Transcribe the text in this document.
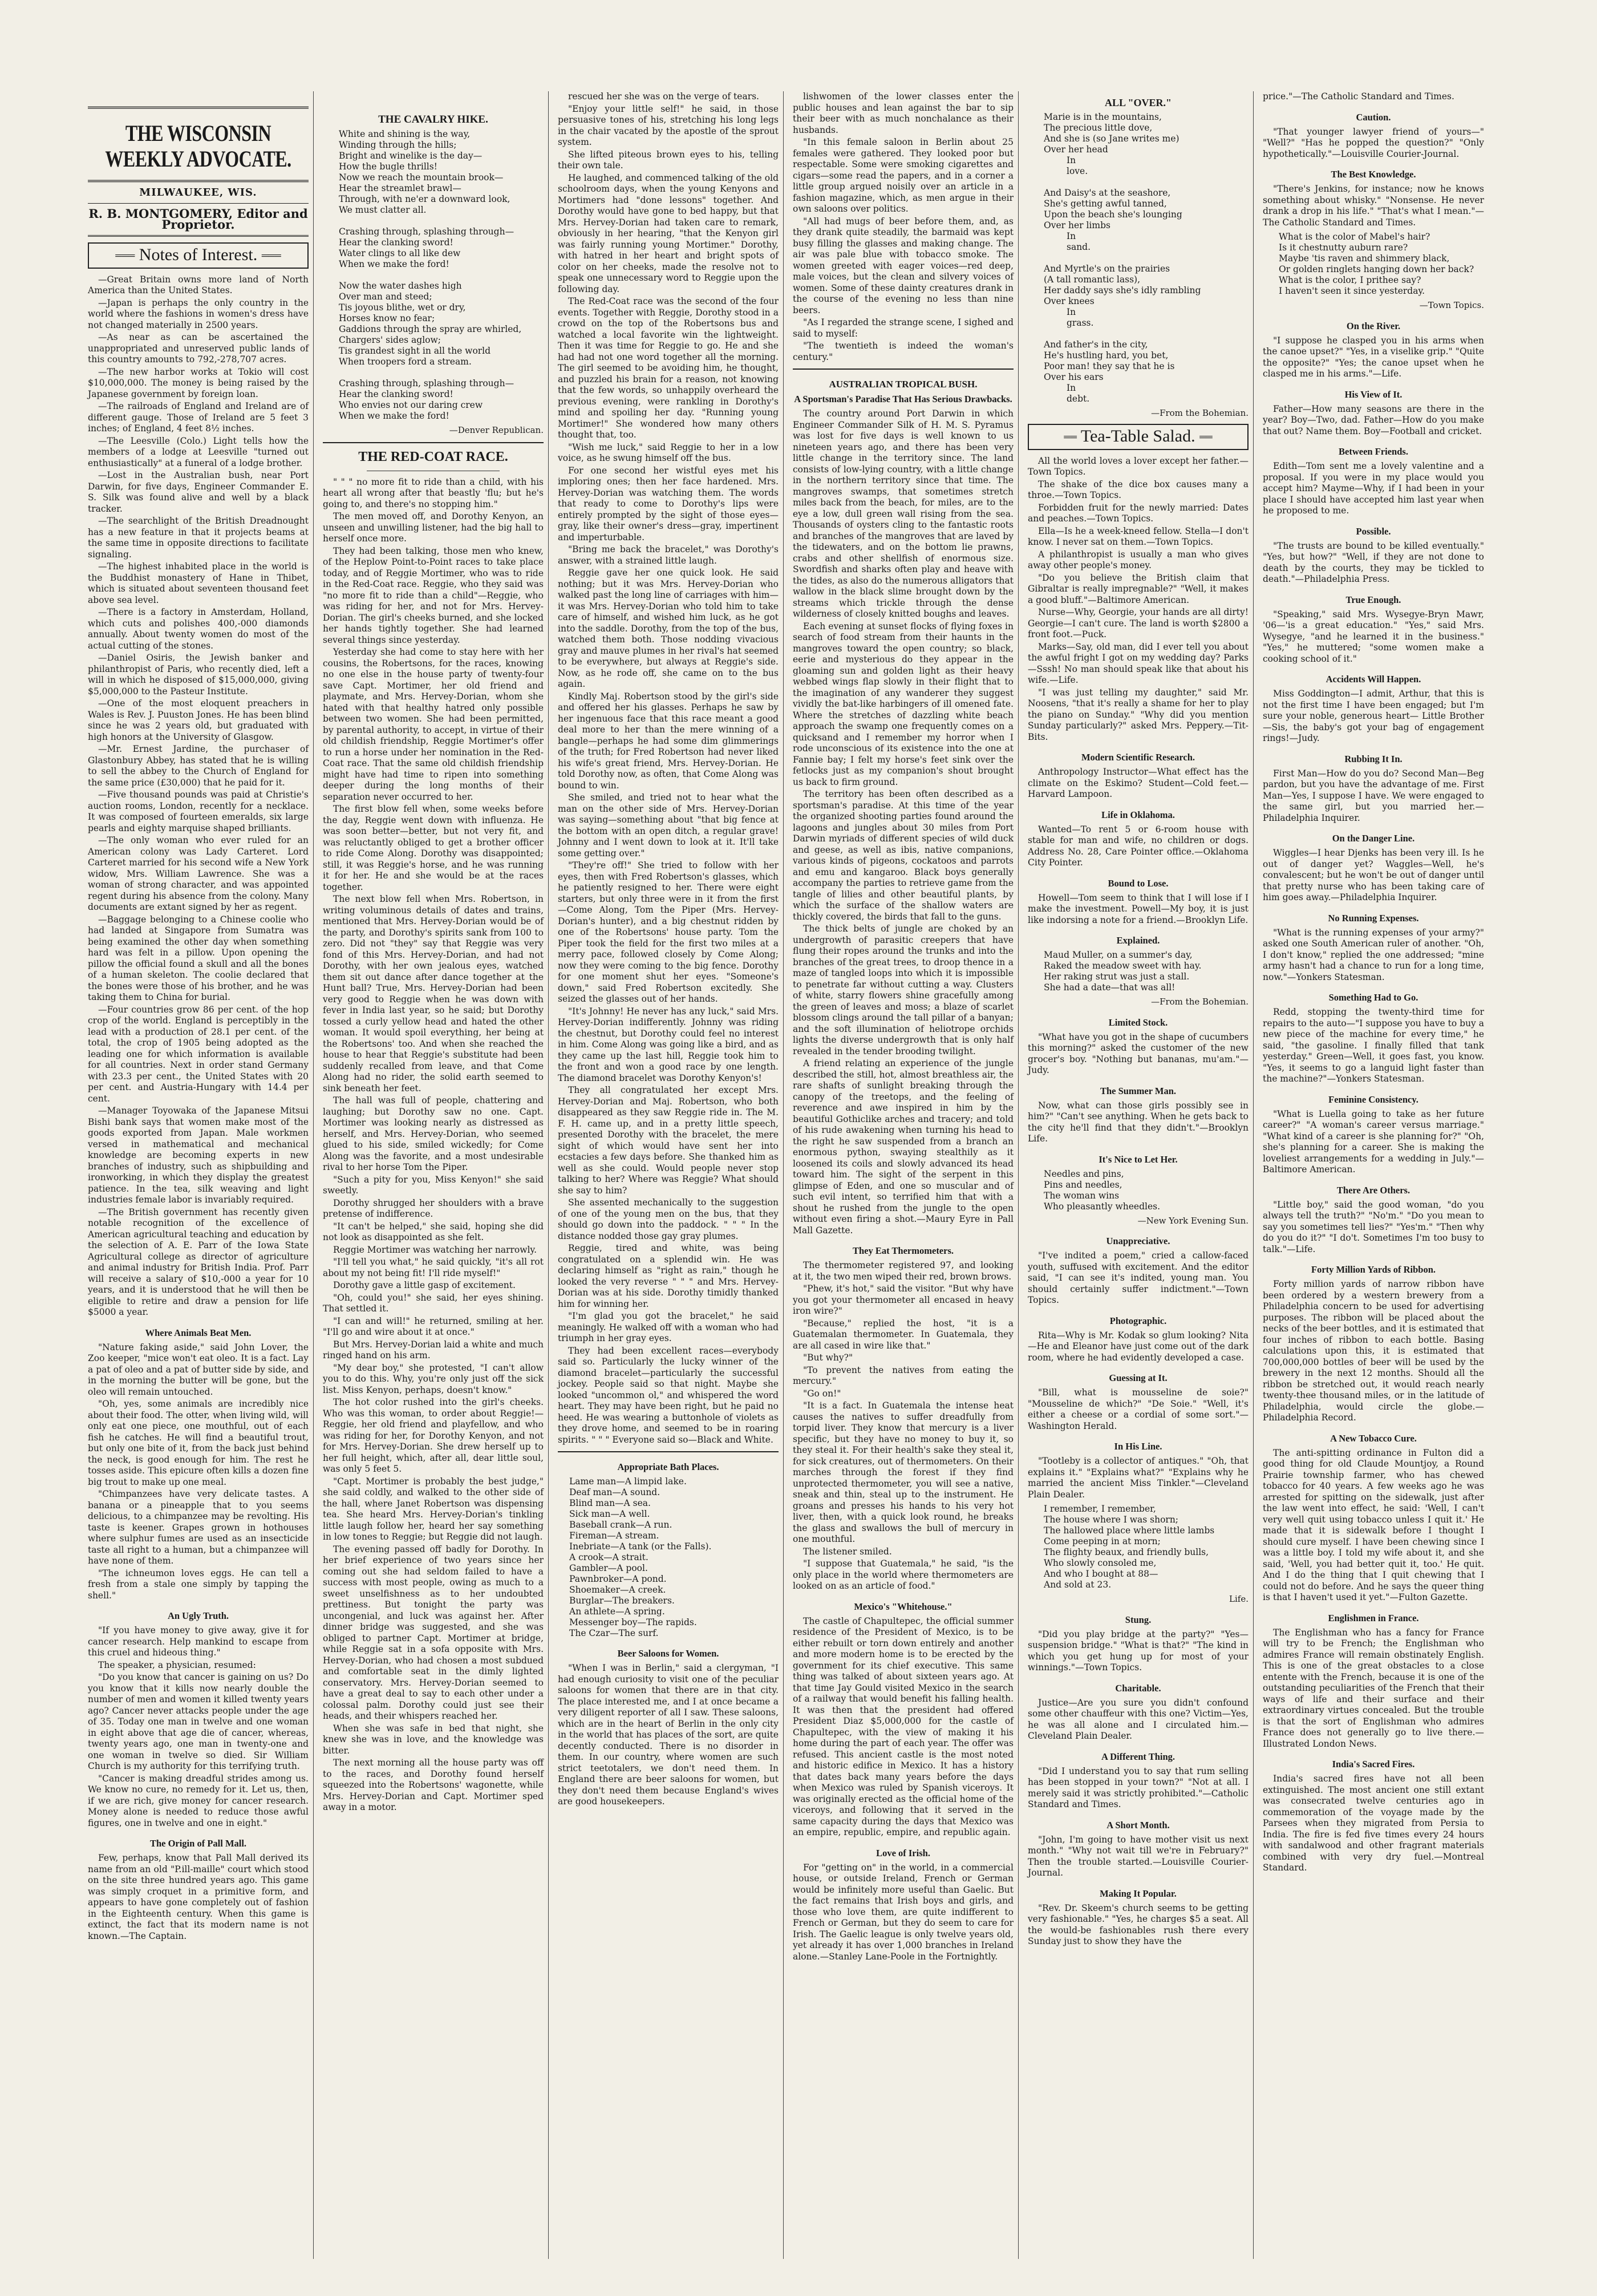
THE WISCONSIN WEEKLY ADVOCATE.
MILWAUKEE, WIS.
R. B. MONTGOMERY, Editor and Proprietor.
═══ Notes of Interest. ═══

—Great Britain owns more land of North America than the United States.

—Japan is perhaps the only country in the world where the fashions in women's dress have not changed materially in 2500 years.

—As near as can be ascertained the unappropriated and unreserved public lands of this country amounts to 792,-278,707 acres.

—The new harbor works at Tokio will cost $10,000,000. The money is being raised by the Japanese government by foreign loan.

—The railroads of England and Ireland are of different gauge. Those of Ireland are 5 feet 3 inches; of England, 4 feet 8½ inches.

—The Leesville (Colo.) Light tells how the members of a lodge at Leesville "turned out enthusiastically" at a funeral of a lodge brother.

—Lost in the Australian bush, near Port Darwin, for five days, Engineer Commander E. S. Silk was found alive and well by a black tracker.

—The searchlight of the British Dreadnought has a new feature in that it projects beams at the same time in opposite directions to facilitate signaling.

—The highest inhabited place in the world is the Buddhist monastery of Hane in Thibet, which is situated about seventeen thousand feet above sea level.

—There is a factory in Amsterdam, Holland, which cuts and polishes 400,-000 diamonds annually. About twenty women do most of the actual cutting of the stones.

—Daniel Osiris, the Jewish banker and philanthropist of Paris, who recently died, left a will in which he disposed of $15,000,000, giving $5,000,000 to the Pasteur Institute.

—One of the most eloquent preachers in Wales is Rev. J. Puuston Jones. He has been blind since he was 2 years old, but graduated with high honors at the University of Glasgow.

—Mr. Ernest Jardine, the purchaser of Glastonbury Abbey, has stated that he is willing to sell the abbey to the Church of England for the same price (£30,000) that he paid for it.

—Five thousand pounds was paid at Christie's auction rooms, London, recently for a necklace. It was composed of fourteen emeralds, six large pearls and eighty marquise shaped brilliants.

—The only woman who ever ruled for an American colony was Lady Carteret. Lord Carteret married for his second wife a New York widow, Mrs. William Lawrence. She was a woman of strong character, and was appointed regent during his absence from the colony. Many documents are extant signed by her as regent.

—Baggage belonging to a Chinese coolie who had landed at Singapore from Sumatra was being examined the other day when something hard was felt in a pillow. Upon opening the pillow the official found a skull and all the bones of a human skeleton. The coolie declared that the bones were those of his brother, and he was taking them to China for burial.

—Four countries grow 86 per cent. of the hop crop of the world. England is perceptibly in the lead with a production of 28.1 per cent. of the total, the crop of 1905 being adopted as the leading one for which information is available for all countries. Next in order stand Germany with 23.3 per cent., the United States with 20 per cent. and Austria-Hungary with 14.4 per cent.

—Manager Toyowaka of the Japanese Mitsui Bishi bank says that women make most of the goods exported from Japan. Male workmen versed in mathematical and mechanical knowledge are becoming experts in new branches of industry, such as shipbuilding and ironworking, in which they display the greatest patience. In the tea, silk weaving and light industries female labor is invariably required.

—The British government has recently given notable recognition of the excellence of American agricultural teaching and education by the selection of A. E. Parr of the Iowa State Agricultural college as director of agriculture and animal industry for British India. Prof. Parr will receive a salary of $10,-000 a year for 10 years, and it is understood that he will then be eligible to retire and draw a pension for life $5000 a year.

Where Animals Beat Men.

"Nature faking aside," said John Lover, the Zoo keeper, "mice won't eat oleo. It is a fact. Lay a pat of oleo and a pat of butter side by side, and in the morning the butter will be gone, but the oleo will remain untouched.

"Oh, yes, some animals are incredibly nice about their food. The otter, when living wild, will only eat one piece, one mouthful, out of each fish he catches. He will find a beautiful trout, but only one bite of it, from the back just behind the neck, is good enough for him. The rest he tosses aside. This epicure often kills a dozen fine big trout to make up one meal.

"Chimpanzees have very delicate tastes. A banana or a pineapple that to you seems delicious, to a chimpanzee may be revolting. His taste is keener. Grapes grown in hothouses where sulphur fumes are used as an insecticide taste all right to a human, but a chimpanzee will have none of them.

"The ichneumon loves eggs. He can tell a fresh from a stale one simply by tapping the shell."

An Ugly Truth.

"If you have money to give away, give it for cancer research. Help mankind to escape from this cruel and hideous thing."

The speaker, a physician, resumed:

"Do you know that cancer is gaining on us? Do you know that it kills now nearly double the number of men and women it killed twenty years ago? Cancer never attacks people under the age of 35. Today one man in twelve and one woman in eight above that age die of cancer, whereas, twenty years ago, one man in twenty-one and one woman in twelve so died. Sir William Church is my authority for this terrifying truth.

"Cancer is making dreadful strides among us. We know no cure, no remedy for it. Let us, then, if we are rich, give money for cancer research. Money alone is needed to reduce those awful figures, one in twelve and one in eight."

The Origin of Pall Mall.

Few, perhaps, know that Pall Mall derived its name from an old "P.ill-maille" court which stood on the site three hundred years ago. This game was simply croquet in a primitive form, and appears to have gone completely out of fashion in the Eighteenth century. When this game is extinct, the fact that its modern name is not known.—The Captain.

THE CAVALRY HIKE.
White and shining is the way,
Winding through the hills;
Bright and winelike is the day—
How the bugle thrills!
Now we reach the mountain brook—
Hear the streamlet brawl—
Through, with ne'er a downward look,
We must clatter all.

Crashing through, splashing through—
Hear the clanking sword!
Water clings to all like dew
When we make the ford!

Now the water dashes high
Over man and steed;
Tis joyous blithe, wet or dry,
Horses know no fear;
Gaddions through the spray are whirled,
Chargers' sides aglow;
Tis grandest sight in all the world
When troopers ford a stream.

Crashing through, splashing through—
Hear the clanking sword!
Who envies not our daring crew
When we make the ford!
—Denver Republican.
THE RED-COAT RACE.

" " " no more fit to ride than a child, with his heart all wrong after that beastly 'flu; but he's going to, and there's no stopping him."

The men moved off, and Dorothy Kenyon, an unseen and unwilling listener, had the big hall to herself once more.

They had been talking, those men who knew, of the Heplow Point-to-Point races to take place today, and of Reggie Mortimer, who was to ride in the Red-Coat race. Reggie, who they said was "no more fit to ride than a child"—Reggie, who was riding for her, and not for Mrs. Hervey-Dorian. The girl's cheeks burned, and she locked her hands tightly together. She had learned several things since yesterday.

Yesterday she had come to stay here with her cousins, the Robertsons, for the races, knowing no one else in the house party of twenty-four save Capt. Mortimer, her old friend and playmate, and Mrs. Hervey-Dorian, whom she hated with that healthy hatred only possible between two women. She had been permitted, by parental authority, to accept, in virtue of their old childish friendship, Reggie Mortimer's offer to run a horse under her nomination in the Red-Coat race. That the same old childish friendship might have had time to ripen into something deeper during the long months of their separation never occurred to her.

The first blow fell when, some weeks before the day, Reggie went down with influenza. He was soon better—better, but not very fit, and was reluctantly obliged to get a brother officer to ride Come Along. Dorothy was disappointed; still, it was Reggie's horse, and he was running it for her. He and she would be at the races together.

The next blow fell when Mrs. Robertson, in writing voluminous details of dates and trains, mentioned that Mrs. Hervey-Dorian would be of the party, and Dorothy's spirits sank from 100 to zero. Did not "they" say that Reggie was very fond of this Mrs. Hervey-Dorian, and had not Dorothy, with her own jealous eyes, watched them sit out dance after dance together at the Hunt ball? True, Mrs. Hervey-Dorian had been very good to Reggie when he was down with fever in India last year, so he said; but Dorothy tossed a curly yellow head and hated the other woman. It would spoil everything, her being at the Robertsons' too. And when she reached the house to hear that Reggie's substitute had been suddenly recalled from leave, and that Come Along had no rider, the solid earth seemed to sink beneath her feet.

The hall was full of people, chattering and laughing; but Dorothy saw no one. Capt. Mortimer was looking nearly as distressed as herself, and Mrs. Hervey-Dorian, who seemed glued to his side, smiled wickedly; for Come Along was the favorite, and a most undesirable rival to her horse Tom the Piper.

"Such a pity for you, Miss Kenyon!" she said sweetly.

Dorothy shrugged her shoulders with a brave pretense of indifference.

"It can't be helped," she said, hoping she did not look as disappointed as she felt.

Reggie Mortimer was watching her narrowly.

"I'll tell you what," he said quickly, "it's all rot about my not being fit! I'll ride myself!"

Dorothy gave a little gasp of excitement.

"Oh, could you!" she said, her eyes shining. That settled it.

"I can and will!" he returned, smiling at her. "I'll go and wire about it at once."

But Mrs. Hervey-Dorian laid a white and much ringed hand on his arm.

"My dear boy," she protested, "I can't allow you to do this. Why, you're only just off the sick list. Miss Kenyon, perhaps, doesn't know."

The hot color rushed into the girl's cheeks. Who was this woman, to order about Reggie!—Reggie, her old friend and playfellow, and who was riding for her, for Dorothy Kenyon, and not for Mrs. Hervey-Dorian. She drew herself up to her full height, which, after all, dear little soul, was only 5 feet 5.

"Capt. Mortimer is probably the best judge," she said coldly, and walked to the other side of the hall, where Janet Robertson was dispensing tea. She heard Mrs. Hervey-Dorian's tinkling little laugh follow her, heard her say something in low tones to Reggie; but Reggie did not laugh.

The evening passed off badly for Dorothy. In her brief experience of two years since her coming out she had seldom failed to have a success with most people, owing as much to a sweet unselfishness as to her undoubted prettiness. But tonight the party was uncongenial, and luck was against her. After dinner bridge was suggested, and she was obliged to partner Capt. Mortimer at bridge, while Reggie sat in a sofa opposite with Mrs. Hervey-Dorian, who had chosen a most subdued and comfortable seat in the dimly lighted conservatory. Mrs. Hervey-Dorian seemed to have a great deal to say to each other under a colossal palm. Dorothy could just see their heads, and their whispers reached her.

When she was safe in bed that night, she knew she was in love, and the knowledge was bitter.

The next morning all the house party was off to the races, and Dorothy found herself squeezed into the Robertsons' wagonette, while Mrs. Hervey-Dorian and Capt. Mortimer sped away in a motor.

rescued her she was on the verge of tears.

"Enjoy your little self!" he said, in those persuasive tones of his, stretching his long legs in the chair vacated by the apostle of the sprout system.

She lifted piteous brown eyes to his, telling their own tale.

He laughed, and commenced talking of the old schoolroom days, when the young Kenyons and Mortimers had "done lessons" together. And Dorothy would have gone to bed happy, but that Mrs. Hervey-Dorian had taken care to remark, obviously in her hearing, "that the Kenyon girl was fairly running young Mortimer." Dorothy, with hatred in her heart and bright spots of color on her cheeks, made the resolve not to speak one unnecessary word to Reggie upon the following day.

The Red-Coat race was the second of the four events. Together with Reggie, Dorothy stood in a crowd on the top of the Robertsons bus and watched a local favorite win the lightweight. Then it was time for Reggie to go. He and she had had not one word together all the morning. The girl seemed to be avoiding him, he thought, and puzzled his brain for a reason, not knowing that the few words, so unhappily overheard the previous evening, were rankling in Dorothy's mind and spoiling her day. "Running young Mortimer!" She wondered how many others thought that, too.

"Wish me luck," said Reggie to her in a low voice, as he swung himself off the bus.

For one second her wistful eyes met his imploring ones; then her face hardened. Mrs. Hervey-Dorian was watching them. The words that ready to come to Dorothy's lips were entirely prompted by the sight of those eyes—gray, like their owner's dress—gray, impertinent and imperturbable.

"Bring me back the bracelet," was Dorothy's answer, with a strained little laugh.

Reggie gave her one quick look. He said nothing; but it was Mrs. Hervey-Dorian who walked past the long line of carriages with him—it was Mrs. Hervey-Dorian who told him to take care of himself, and wished him luck, as he got into the saddle. Dorothy, from the top of the bus, watched them both. Those nodding vivacious gray and mauve plumes in her rival's hat seemed to be everywhere, but always at Reggie's side. Now, as he rode off, she came on to the bus again.

Kindly Maj. Robertson stood by the girl's side and offered her his glasses. Perhaps he saw by her ingenuous face that this race meant a good deal more to her than the mere winning of a bangle—perhaps he had some dim glimmerings of the truth; for Fred Robertson had never liked his wife's great friend, Mrs. Hervey-Dorian. He told Dorothy now, as often, that Come Along was bound to win.

She smiled, and tried not to hear what the man on the other side of Mrs. Hervey-Dorian was saying—something about "that big fence at the bottom with an open ditch, a regular grave! Johnny and I went down to look at it. It'll take some getting over."

"They're off!" She tried to follow with her eyes, then with Fred Robertson's glasses, which he patiently resigned to her. There were eight starters, but only three were in it from the first—Come Along, Tom the Piper (Mrs. Hervey-Dorian's hunter), and a big chestnut ridden by one of the Robertsons' house party. Tom the Piper took the field for the first two miles at a merry pace, followed closely by Come Along; now they were coming to the big fence. Dorothy for one moment shut her eyes. "Someone's down," said Fred Robertson excitedly. She seized the glasses out of her hands.

"It's Johnny! He never has any luck," said Mrs. Hervey-Dorian indifferently. Johnny was riding the chestnut, but Dorothy could feel no interest in him. Come Along was going like a bird, and as they came up the last hill, Reggie took him to the front and won a good race by one length. The diamond bracelet was Dorothy Kenyon's!

They all congratulated her except Mrs. Hervey-Dorian and Maj. Robertson, who both disappeared as they saw Reggie ride in. The M. F. H. came up, and in a pretty little speech, presented Dorothy with the bracelet, the mere sight of which would have sent her into ecstacies a few days before. She thanked him as well as she could. Would people never stop talking to her? Where was Reggie? What should she say to him?

She assented mechanically to the suggestion of one of the young men on the bus, that they should go down into the paddock. " " " In the distance nodded those gay gray plumes.

Reggie, tired and white, was being congratulated on a splendid win. He was declaring himself as "right as rain," though he looked the very reverse " " " and Mrs. Hervey-Dorian was at his side. Dorothy timidly thanked him for winning her.

"I'm glad you got the bracelet," he said meaningly. He walked off with a woman who had triumph in her gray eyes.

They had been excellent races—everybody said so. Particularly the lucky winner of the diamond bracelet—particularly the successful jockey. People said so that night. Maybe she looked "uncommon ol," and whispered the word heart. They may have been right, but he paid no heed. He was wearing a buttonhole of violets as they drove home, and seemed to be in roaring spirits. " " " Everyone said so—Black and White.

Appropriate Bath Places.
Lame man—A limpid lake.
Deaf man—A sound.
Blind man—A sea.
Sick man—A well.
Baseball crank—A run.
Fireman—A stream.
Inebriate—A tank (or the Falls).
A crook—A strait.
Gambler—A pool.
Pawnbroker—A pond.
Shoemaker—A creek.
Burglar—The breakers.
An athlete—A spring.
Messenger boy—The rapids.
The Czar—The surf.
Beer Saloons for Women.

"When I was in Berlin," said a clergyman, "I had enough curiosity to visit one of the peculiar saloons for women that there are in that city. The place interested me, and I at once became a very diligent reporter of all I saw. These saloons, which are in the heart of Berlin in the only city in the world that has places of the sort, are quite decently conducted. There is no disorder in them. In our country, where women are such strict teetotalers, we don't need them. In England there are beer saloons for women, but they don't need them because England's wives are good housekeepers.

lishwomen of the lower classes enter the public houses and lean against the bar to sip their beer with as much nonchalance as their husbands.

"In this female saloon in Berlin about 25 females were gathered. They looked poor but respectable. Some were smoking cigarettes and cigars—some read the papers, and in a corner a little group argued noisily over an article in a fashion magazine, which, as men argue in their own saloons over politics.

"All had mugs of beer before them, and, as they drank quite steadily, the barmaid was kept busy filling the glasses and making change. The air was pale blue with tobacco smoke. The women greeted with eager voices—red deep, male voices, but the clean and silvery voices of women. Some of these dainty creatures drank in the course of the evening no less than nine beers.

"As I regarded the strange scene, I sighed and said to myself:

"The twentieth is indeed the woman's century."

AUSTRALIAN TROPICAL BUSH.
A Sportsman's Paradise That Has Serious Drawbacks.

The country around Port Darwin in which Engineer Commander Silk of H. M. S. Pyramus was lost for five days is well known to us nineteen years ago, and there has been very little change in the territory since. The land consists of low-lying country, with a little change in the northern territory since that time. The mangroves swamps, that sometimes stretch miles back from the beach, for miles, are to the eye a low, dull green wall rising from the sea. Thousands of oysters cling to the fantastic roots and branches of the mangroves that are laved by the tidewaters, and on the bottom lie prawns, crabs and other shellfish of enormous size. Swordfish and sharks often play and heave with the tides, as also do the numerous alligators that wallow in the black slime brought down by the streams which trickle through the dense wilderness of closely knitted boughs and leaves.

Each evening at sunset flocks of flying foxes in search of food stream from their haunts in the mangroves toward the open country; so black, eerie and mysterious do they appear in the gloaming sun and golden light as their heavy webbed wings flap slowly in their flight that to the imagination of any wanderer they suggest vividly the bat-like harbingers of ill omened fate. Where the stretches of dazzling white beach approach the swamp one frequently comes on a quicksand and I remember my horror when I rode unconscious of its existence into the one at Fannie bay; I felt my horse's feet sink over the fetlocks just as my companion's shout brought us back to firm ground.

The territory has been often described as a sportsman's paradise. At this time of the year the organized shooting parties found around the lagoons and jungles about 30 miles from Port Darwin myriads of different species of wild duck and geese, as well as ibis, native companions, various kinds of pigeons, cockatoos and parrots and emu and kangaroo. Black boys generally accompany the parties to retrieve game from the tangle of lilies and other beautiful plants, by which the surface of the shallow waters are thickly covered, the birds that fall to the guns.

The thick belts of jungle are choked by an undergrowth of parasitic creepers that have flung their ropes around the trunks and into the branches of the great trees, to droop thence in a maze of tangled loops into which it is impossible to penetrate far without cutting a way. Clusters of white, starry flowers shine gracefully among the green of leaves and moss; a blaze of scarlet blossom clings around the tall pillar of a banyan; and the soft illumination of heliotrope orchids lights the diverse undergrowth that is only half revealed in the tender brooding twilight.

A friend relating an experience of the jungle described the still, hot, almost breathless air, the rare shafts of sunlight breaking through the canopy of the treetops, and the feeling of reverence and awe inspired in him by the beautiful Gothiclike arches and tracery; and told of his rude awakening when turning his head to the right he saw suspended from a branch an enormous python, swaying stealthily as it loosened its coils and slowly advanced its head toward him. The sight of the serpent in this glimpse of Eden, and one so muscular and of such evil intent, so terrified him that with a shout he rushed from the jungle to the open without even firing a shot.—Maury Eyre in Pall Mall Gazette.

They Eat Thermometers.

The thermometer registered 97, and looking at it, the two men wiped their red, brown brows.

"Phew, it's hot," said the visitor. "But why have you got your thermometer all encased in heavy iron wire?"

"Because," replied the host, "it is a Guatemalan thermometer. In Guatemala, they are all cased in wire like that."

"But why?"

"To prevent the natives from eating the mercury."

"Go on!"

"It is a fact. In Guatemala the intense heat causes the natives to suffer dreadfully from torpid liver. They know that mercury is a liver specific, but they have no money to buy it, so they steal it. For their health's sake they steal it, for sick creatures, out of thermometers. On their marches through the forest if they find unprotected thermometer, you will see a native, sneak and thin, steal up to the instrument. He groans and presses his hands to his very hot liver, then, with a quick look round, he breaks the glass and swallows the bull of mercury in one mouthful.

The listener smiled.

"I suppose that Guatemala," he said, "is the only place in the world where thermometers are looked on as an article of food."

Mexico's "Whitehouse."

The castle of Chapultepec, the official summer residence of the President of Mexico, is to be either rebuilt or torn down entirely and another and more modern home is to be erected by the government for its chief executive. This same thing was talked of about sixteen years ago. At that time Jay Gould visited Mexico in the search of a railway that would benefit his falling health. It was then that the president had offered President Diaz $5,000,000 for the castle of Chapultepec, with the view of making it his home during the part of each year. The offer was refused. This ancient castle is the most noted and historic edifice in Mexico. It has a history that dates back many years before the days when Mexico was ruled by Spanish viceroys. It was originally erected as the official home of the viceroys, and following that it served in the same capacity during the days that Mexico was an empire, republic, empire, and republic again.

Love of Irish.

For "getting on" in the world, in a commercial house, or outside Ireland, French or German would be infinitely more useful than Gaelic. But the fact remains that Irish boys and girls, and those who love them, are quite indifferent to French or German, but they do seem to care for Irish. The Gaelic league is only twelve years old, yet already it has over 1,000 branches in Ireland alone.—Stanley Lane-Poole in the Fortnightly.

ALL "OVER."
Marie is in the mountains,
The precious little dove,
And she is (so Jane writes me)
Over her head
In
love.

And Daisy's at the seashore,
She's getting awful tanned,
Upon the beach she's lounging
Over her limbs
In
sand.

And Myrtle's on the prairies
(A tall romantic lass),
Her daddy says she's idly rambling
Over knees
In
grass.

And father's in the city,
He's hustling hard, you bet,
Poor man! they say that he is
Over his ears
In
debt.
—From the Bohemian.
══ Tea-Table Salad. ══

All the world loves a lover except her father.—Town Topics.

The shake of the dice box causes many a throe.—Town Topics.

Forbidden fruit for the newly married: Dates and peaches.—Town Topics.

Ella—Is he a week-kneed fellow. Stella—I don't know. I never sat on them.—Town Topics.

A philanthropist is usually a man who gives away other people's money.

"Do you believe the British claim that Gibraltar is really impregnable?" "Well, it makes a good bluff."—Baltimore American.

Nurse—Why, Georgie, your hands are all dirty! Georgie—I can't cure. The land is worth $2800 a front foot.—Puck.

Marks—Say, old man, did I ever tell you about the awful fright I got on my wedding day? Parks—Sssh! No man should speak like that about his wife.—Life.

"I was just telling my daughter," said Mr. Noosens, "that it's really a shame for her to play the piano on Sunday." "Why did you mention Sunday particularly?" asked Mrs. Peppery.—Tit-Bits.

Modern Scientific Research.

Anthropology Instructor—What effect has the climate on the Eskimo? Student—Cold feet.—Harvard Lampoon.

Life in Oklahoma.

Wanted—To rent 5 or 6-room house with stable for man and wife, no children or dogs. Address No. 28, Care Pointer office.—Oklahoma City Pointer.

Bound to Lose.

Howell—Tom seem to think that I will lose if I make the investment. Powell—My boy, it is just like indorsing a note for a friend.—Brooklyn Life.

Explained.
Maud Muller, on a summer's day,
Raked the meadow sweet with hay.
Her raking strut was just a stall.
She had a date—that was all!
—From the Bohemian.
Limited Stock.

"What have you got in the shape of cucumbers this morning?" asked the customer of the new grocer's boy. "Nothing but bananas, mu'am."—Judy.

The Summer Man.

Now, what can those girls possibly see in him?" "Can't see anything. When he gets back to the city he'll find that they didn't."—Brooklyn Life.

It's Nice to Let Her.
Needles and pins,
Pins and needles,
The woman wins
Who pleasantly wheedles.
—New York Evening Sun.
Unappreciative.

"I've indited a poem," cried a callow-faced youth, suffused with excitement. And the editor said, "I can see it's indited, young man. You should certainly suffer indictment."—Town Topics.

Photographic.

Rita—Why is Mr. Kodak so glum looking? Nita—He and Eleanor have just come out of the dark room, where he had evidently developed a case.

Guessing at It.

"Bill, what is mousseline de soie?" "Mousseline de which?" "De Soie." "Well, it's either a cheese or a cordial of some sort."—Washington Herald.

In His Line.

"Tootleby is a collector of antiques." "Oh, that explains it." "Explains what?" "Explains why he married the ancient Miss Tinkler."—Cleveland Plain Dealer.

I remember, I remember,
The house where I was shorn;
The hallowed place where little lambs
Come peeping in at morn;
The flighty beaux, and friendly bulls,
Who slowly consoled me,
And who I bought at 88—
And sold at 23.
Life.
Stung.

"Did you play bridge at the party?" "Yes—suspension bridge." "What is that?" "The kind in which you get hung up for most of your winnings."—Town Topics.

Charitable.

Justice—Are you sure you didn't confound some other chauffeur with this one? Victim—Yes, he was all alone and I circulated him.—Cleveland Plain Dealer.

A Different Thing.

"Did I understand you to say that rum selling has been stopped in your town?" "Not at all. I merely said it was strictly prohibited."—Catholic Standard and Times.

A Short Month.

"John, I'm going to have mother visit us next month." "Why not wait till we're in February?" Then the trouble started.—Louisville Courier-Journal.

Making It Popular.

"Rev. Dr. Skeem's church seems to be getting very fashionable." "Yes, he charges $5 a seat. All the would-be fashionables rush there every Sunday just to show they have the

price."—The Catholic Standard and Times.

Caution.

"That younger lawyer friend of yours—" "Well?" "Has he popped the question?" "Only hypothetically."—Louisville Courier-Journal.

The Best Knowledge.

"There's Jenkins, for instance; now he knows something about whisky." "Nonsense. He never drank a drop in his life." "That's what I mean."—The Catholic Standard and Times.

What is the color of Mabel's hair?
Is it chestnutty auburn rare?
Maybe 'tis raven and shimmery black,
Or golden ringlets hanging down her back?
What is the color, I prithee say?
I haven't seen it since yesterday.
—Town Topics.
On the River.

"I suppose he clasped you in his arms when the canoe upset?" "Yes, in a viselike grip." "Quite the opposite?" "Yes; the canoe upset when he clasped me in his arms."—Life.

His View of It.

Father—How many seasons are there in the year? Boy—Two, dad. Father—How do you make that out? Name them. Boy—Football and cricket.

Between Friends.

Edith—Tom sent me a lovely valentine and a proposal. If you were in my place would you accept him? Mayme—Why, if I had been in your place I should have accepted him last year when he proposed to me.

Possible.

"The trusts are bound to be killed eventually." "Yes, but how?" "Well, if they are not done to death by the courts, they may be tickled to death."—Philadelphia Press.

True Enough.

"Speaking," said Mrs. Wysegye-Bryn Mawr, '06—'is a great education." "Yes," said Mrs. Wysegye, "and he learned it in the business." "Yes," he muttered; "some women make a cooking school of it."

Accidents Will Happen.

Miss Goddington—I admit, Arthur, that this is not the first time I have been engaged; but I'm sure your noble, generous heart— Little Brother—Sis, the baby's got your bag of engagement rings!—Judy.

Rubbing It In.

First Man—How do you do? Second Man—Beg pardon, but you have the advantage of me. First Man—Yes, I suppose I have. We were engaged to the same girl, but you married her.—Philadelphia Inquirer.

On the Danger Line.

Wiggles—I hear Djenks has been very ill. Is he out of danger yet? Waggles—Well, he's convalescent; but he won't be out of danger until that pretty nurse who has been taking care of him goes away.—Philadelphia Inquirer.

No Running Expenses.

"What is the running expenses of your army?" asked one South American ruler of another. "Oh, I don't know," replied the one addressed; "mine army hasn't had a chance to run for a long time, now."—Yonkers Statesman.

Something Had to Go.

Redd, stopping the twenty-third time for repairs to the auto—"I suppose you have to buy a new piece of the machine for every time," he said, "the gasoline. I finally filled that tank yesterday." Green—Well, it goes fast, you know. "Yes, it seems to go a languid light faster than the machine?"—Yonkers Statesman.

Feminine Consistency.

"What is Luella going to take as her future career?" "A woman's career versus marriage." "What kind of a career is she planning for?" "Oh, she's planning for a career. She is making the loveliest arrangements for a wedding in July."—Baltimore American.

There Are Others.

"Little boy," said the good woman, "do you always tell the truth?" "No'm." "Do you mean to say you sometimes tell lies?" "Yes'm." "Then why do you do it?" "I do't. Sometimes I'm too busy to talk."—Life.

Forty Million Yards of Ribbon.

Forty million yards of narrow ribbon have been ordered by a western brewery from a Philadelphia concern to be used for advertising purposes. The ribbon will be placed about the necks of the beer bottles, and it is estimated that four inches of ribbon to each bottle. Basing calculations upon this, it is estimated that 700,000,000 bottles of beer will be used by the brewery in the next 12 months. Should all the ribbon be stretched out, it would reach nearly twenty-thee thousand miles, or in the latitude of Philadelphia, would circle the globe.—Philadelphia Record.

A New Tobacco Cure.

The anti-spitting ordinance in Fulton did a good thing for old Claude Mountjoy, a Round Prairie township farmer, who has chewed tobacco for 40 years. A few weeks ago he was arrested for spitting on the sidewalk, just after the law went into effect, he said: 'Well, I can't very well quit using tobacco unless I quit it.' He made that it is sidewalk before I thought I should cure myself. I have been chewing since I was a little boy. I told my wife about it, and she said, 'Well, you had better quit it, too.' He quit. And I do the thing that I quit chewing that I could not do before. And he says the queer thing is that I haven't used it yet."—Fulton Gazette.

Englishmen in France.

The Englishman who has a fancy for France will try to be French; the Englishman who admires France will remain obstinately English. This is one of the great obstacles to a close entente with the French, because it is one of the outstanding peculiarities of the French that their ways of life and their surface and their extraordinary virtues concealed. But the trouble is that the sort of Englishman who admires France does not generally go to live there.—Illustrated London News.

India's Sacred Fires.

India's sacred fires have not all been extinguished. The most ancient one still extant was consecrated twelve centuries ago in commemoration of the voyage made by the Parsees when they migrated from Persia to India. The fire is fed five times every 24 hours with sandalwood and other fragrant materials combined with very dry fuel.—Montreal Standard.
